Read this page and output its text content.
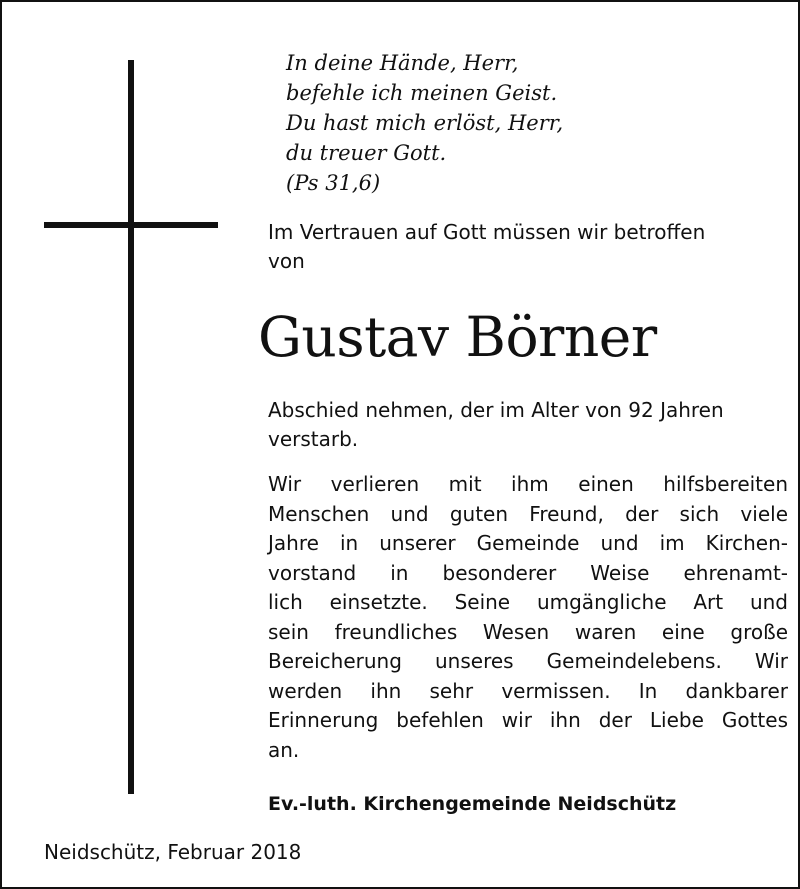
In deine Hände, Herr,
befehle ich meinen Geist.
Du hast mich erlöst, Herr,
du treuer Gott.
(Ps 31,6)
Im Vertrauen auf Gott müssen wir betroffen
von
Gustav Börner
Abschied nehmen, der im Alter von 92 Jahren
verstarb.
Wir verlieren mit ihm einen hilfsbereiten
Menschen und guten Freund, der sich viele
Jahre in unserer Gemeinde und im Kirchen-
vorstand in besonderer Weise ehrenamt-
lich einsetzte. Seine umgängliche Art und
sein freundliches Wesen waren eine große
Bereicherung unseres Gemeindelebens. Wir
werden ihn sehr vermissen. In dankbarer
Erinnerung befehlen wir ihn der Liebe Gottes
an.
Ev.-luth. Kirchengemeinde Neidschütz
Neidschütz, Februar 2018
